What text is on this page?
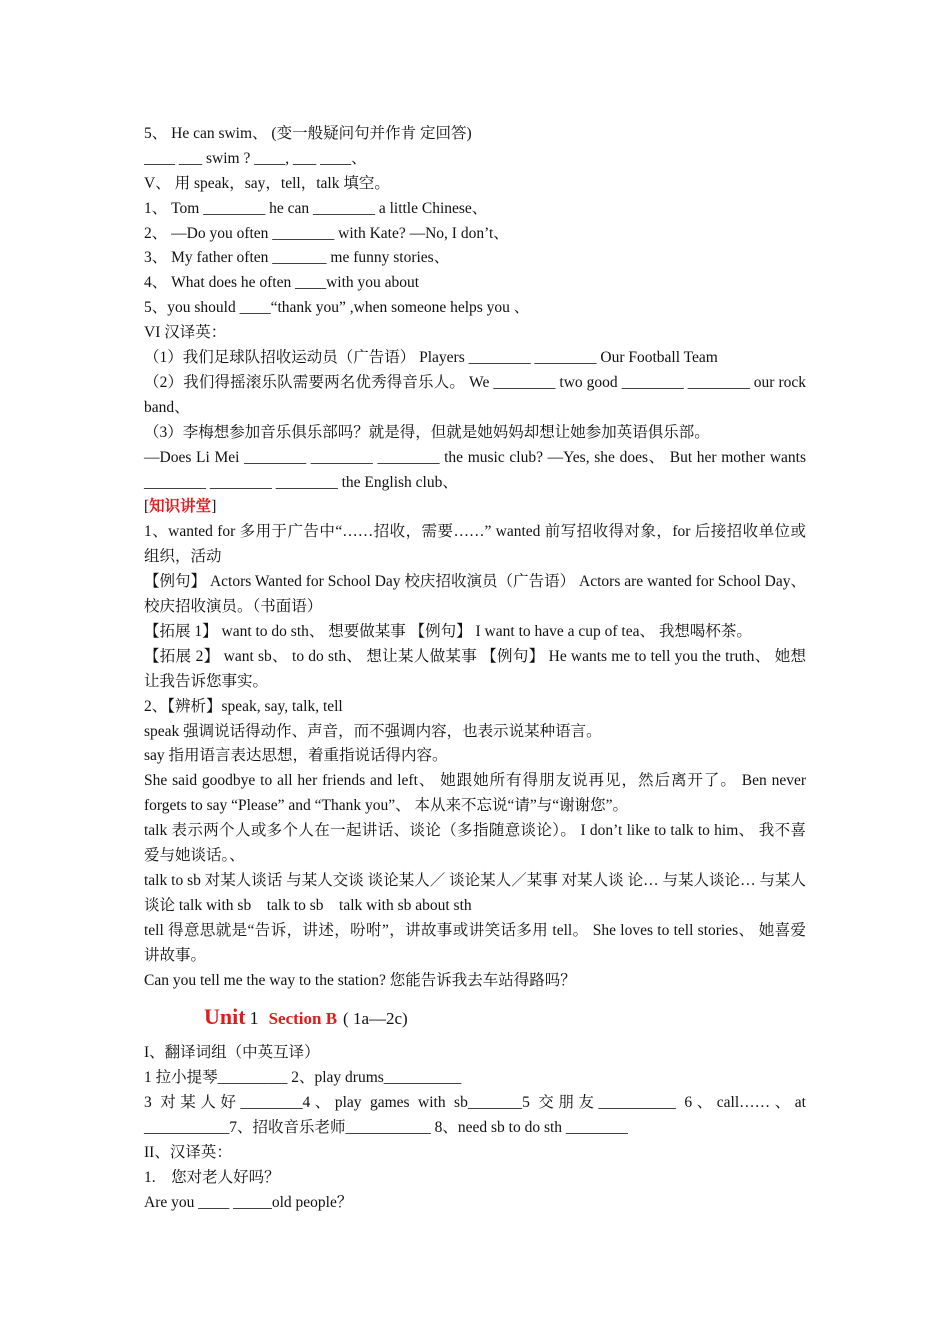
5、 He can swim、 (变一般疑问句并作肯 定回答)
____ ___ swim ? ____, ___ ____、
V、 用 speak，say，tell，talk 填空。
1、 Tom ________ he can ________ a little Chinese、
2、 —Do you often ________ with Kate? —No, I don’t、
3、 My father often _______ me funny stories、
4、 What does he often ____with you about
5、you should ____“thank you” ,when someone helps you 、
VI 汉译英：
（1）我们足球队招收运动员（广告语） Players ________ ________ Our Football Team
（2）我们得摇滚乐队需要两名优秀得音乐人。 We ________ two good ________ ________ our rock band、
（3）李梅想参加音乐俱乐部吗？就是得，但就是她妈妈却想让她参加英语俱乐部。
—Does Li Mei ________ ________ ________ the music club? —Yes, she does、 But her mother wants ________ ________ ________ the English club、
[知识讲堂]
1、wanted for 多用于广告中“……招收，需要……” wanted 前写招收得对象，for 后接招收单位或组织，活动
【例句】 Actors Wanted for School Day 校庆招收演员（广告语） Actors are wanted for School Day、 校庆招收演员。（书面语）
【拓展 1】 want to do sth、 想要做某事 【例句】 I want to have a cup of tea、 我想喝杯茶。
【拓展 2】 want sb、 to do sth、 想让某人做某事 【例句】 He wants me to tell you the truth、 她想让我告诉您事实。
2、【辨析】speak, say, talk, tell
speak 强调说话得动作、声音，而不强调内容，也表示说某种语言。
say 指用语言表达思想，着重指说话得内容。
She said goodbye to all her friends and left、 她跟她所有得朋友说再见，然后离开了。 Ben never forgets to say “Please” and “Thank you”、 本从来不忘说“请”与“谢谢您”。
talk 表示两个人或多个人在一起讲话、谈论（多指随意谈论）。 I don’t like to talk to him、 我不喜爱与她谈话。、
talk to sb 对某人谈话 与某人交谈 谈论某人／ 谈论某人／某事 对某人谈 论… 与某人谈论… 与某人谈论 talk with sb　talk to sb　talk with sb about sth
tell 得意思就是“告诉，讲述，吩咐”，讲故事或讲笑话多用 tell。 She loves to tell stories、 她喜爱讲故事。
Can you tell me the way to the station? 您能告诉我去车站得路吗？
Unit 1 Section B ( 1a—2c)
I、翻译词组（中英互译）
1 拉小提琴_________ 2、play drums__________
3 对某人好________4、play games with sb_______5 交朋友__________ 6、call……、at ___________7、招收音乐老师___________ 8、need sb to do sth ________
II、汉译英：
1.　您对老人好吗？
Are you ____ _____old people？
